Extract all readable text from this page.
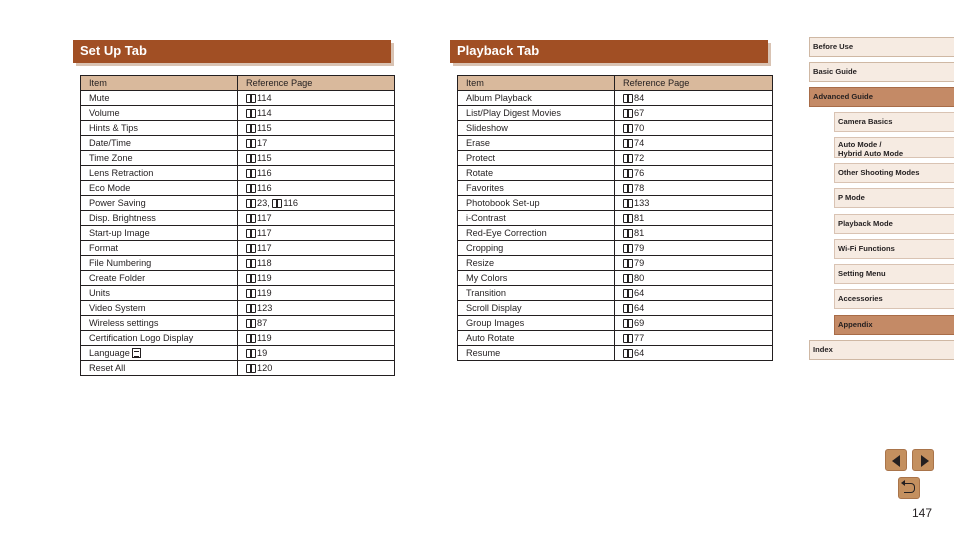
Set Up Tab
Item	Reference Page
Mute	114
Volume	114
Hints & Tips	115
Date/Time	17
Time Zone	115
Lens Retraction	116
Eco Mode	116
Power Saving	23, 116
Disp. Brightness	117
Start-up Image	117
Format	117
File Numbering	118
Create Folder	119
Units	119
Video System	123
Wireless settings	87
Certification Logo Display	119
Language	19
Reset All	120
Playback Tab
Item	Reference Page
Album Playback	84
List/Play Digest Movies	67
Slideshow	70
Erase	74
Protect	72
Rotate	76
Favorites	78
Photobook Set-up	133
i-Contrast	81
Red-Eye Correction	81
Cropping	79
Resize	79
My Colors	80
Transition	64
Scroll Display	64
Group Images	69
Auto Rotate	77
Resume	64
Before Use
Basic Guide
Advanced Guide
Camera Basics
Auto Mode /
Hybrid Auto Mode
Other Shooting Modes
P Mode
Playback Mode
Wi-Fi Functions
Setting Menu
Accessories
Appendix
Index
147
